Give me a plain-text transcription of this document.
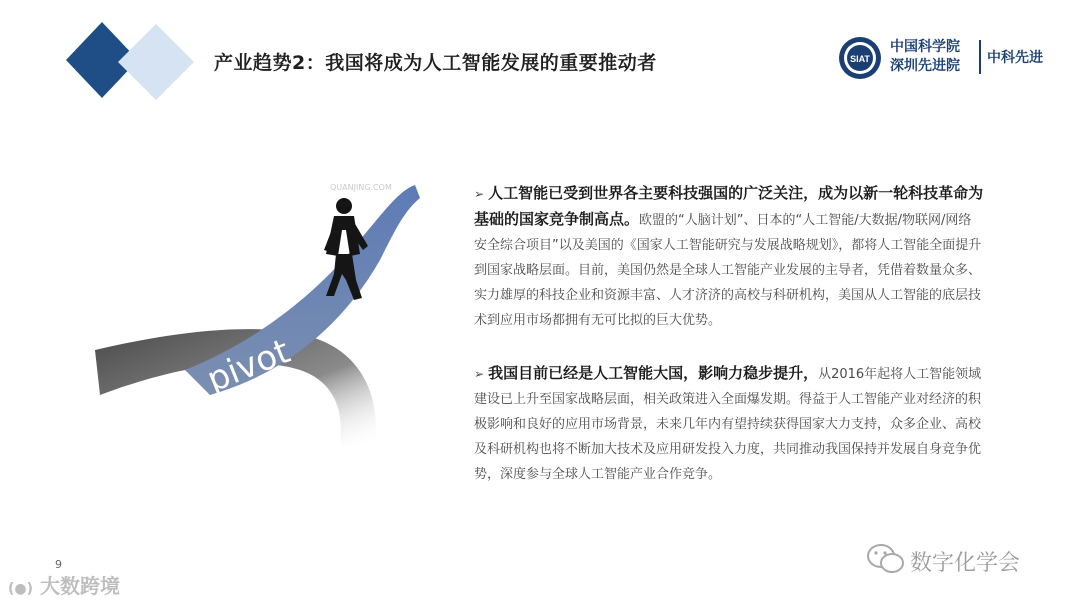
产业趋势2：我国将成为人工智能发展的重要推动者	SIAT
中国科学院
深圳先进院 中科先进
pivot
QUANJING.COM	➢ 人工智能已受到世界各主要科技强国的广泛关注，成为以新一轮科技革命为基础的国家竞争制高点。欧盟的“人脑计划”、日本的“人工智能/大数据/物联网/网络安全综合项目”以及美国的《国家人工智能研究与发展战略规划》，都将人工智能全面提升到国家战略层面。目前，美国仍然是全球人工智能产业发展的主导者，凭借着数量众多、实力雄厚的科技企业和资源丰富、人才济济的高校与科研机构，美国从人工智能的底层技术到应用市场都拥有无可比拟的巨大优势。
➢ 我国目前已经是人工智能大国，影响力稳步提升，从2016年起将人工智能领域建设已上升至国家战略层面，相关政策进入全面爆发期。得益于人工智能产业对经济的积极影响和良好的应用市场背景，未来几年内有望持续获得国家大力支持，众多企业、高校及科研机构也将不断加大技术及应用研发投入力度，共同推动我国保持并发展自身竞争优势，深度参与全球人工智能产业合作竞争。
9
(●) 大数跨境
数字化学会
